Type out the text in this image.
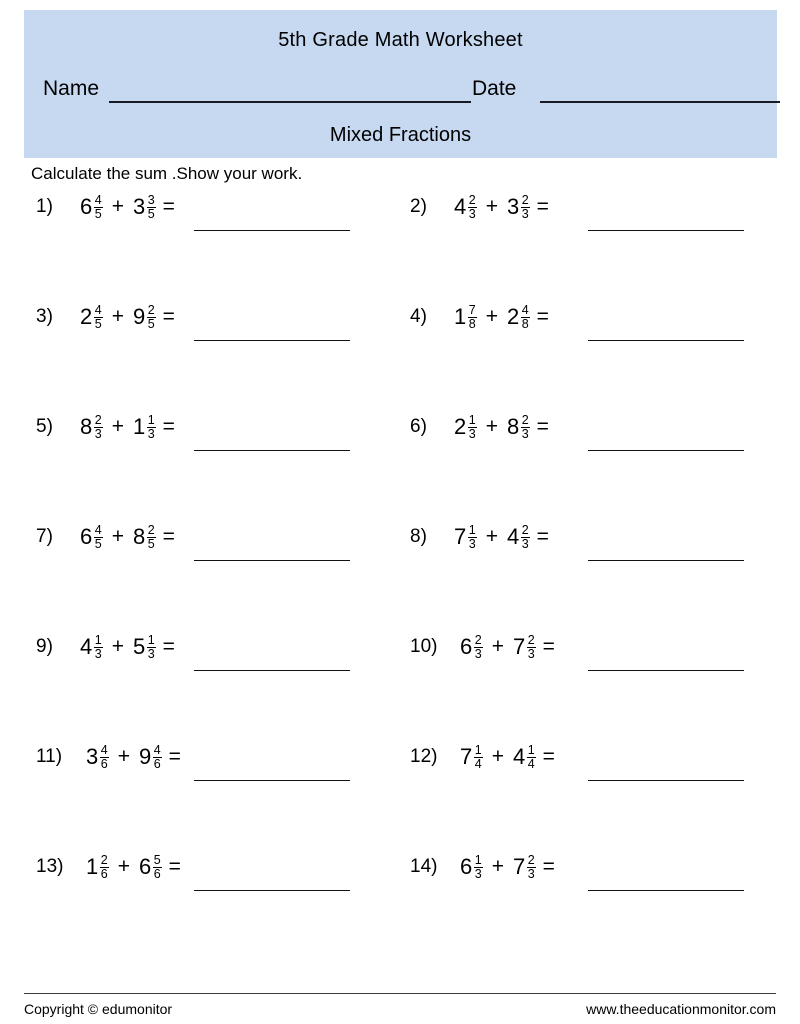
5th Grade Math Worksheet
Name	Date
Mixed Fractions
Calculate the sum .Show your work.
1)	$6 \frac{4}{5} + 3 \frac{3}{5}$ =	2)	$4 \frac{2}{3} + 3 \frac{2}{3}$ =
3)	$2 \frac{4}{5} + 9 \frac{2}{5}$ =	4)	$1 \frac{7}{8} + 2 \frac{4}{8}$ =
5)	$8 \frac{2}{3} + 1 \frac{1}{3}$ =	6)	$2 \frac{1}{3} + 8 \frac{2}{3}$ =
7)	$6 \frac{4}{5} + 8 \frac{2}{5}$ =	8)	$7 \frac{1}{3} + 4 \frac{2}{3}$ =
9)	$4 \frac{1}{3} + 5 \frac{1}{3}$ =	10)	$6 \frac{2}{3} + 7 \frac{2}{3}$ =
11)	$3 \frac{4}{6} + 9 \frac{4}{6}$ =	12)	$7 \frac{1}{4} + 4 \frac{1}{4}$ =
13)	$1 \frac{2}{6} + 6 \frac{5}{6}$ =	14)	$6 \frac{1}{3} + 7 \frac{2}{3}$ =
Copyright © edumonitor	www.theeducationmonitor.com
